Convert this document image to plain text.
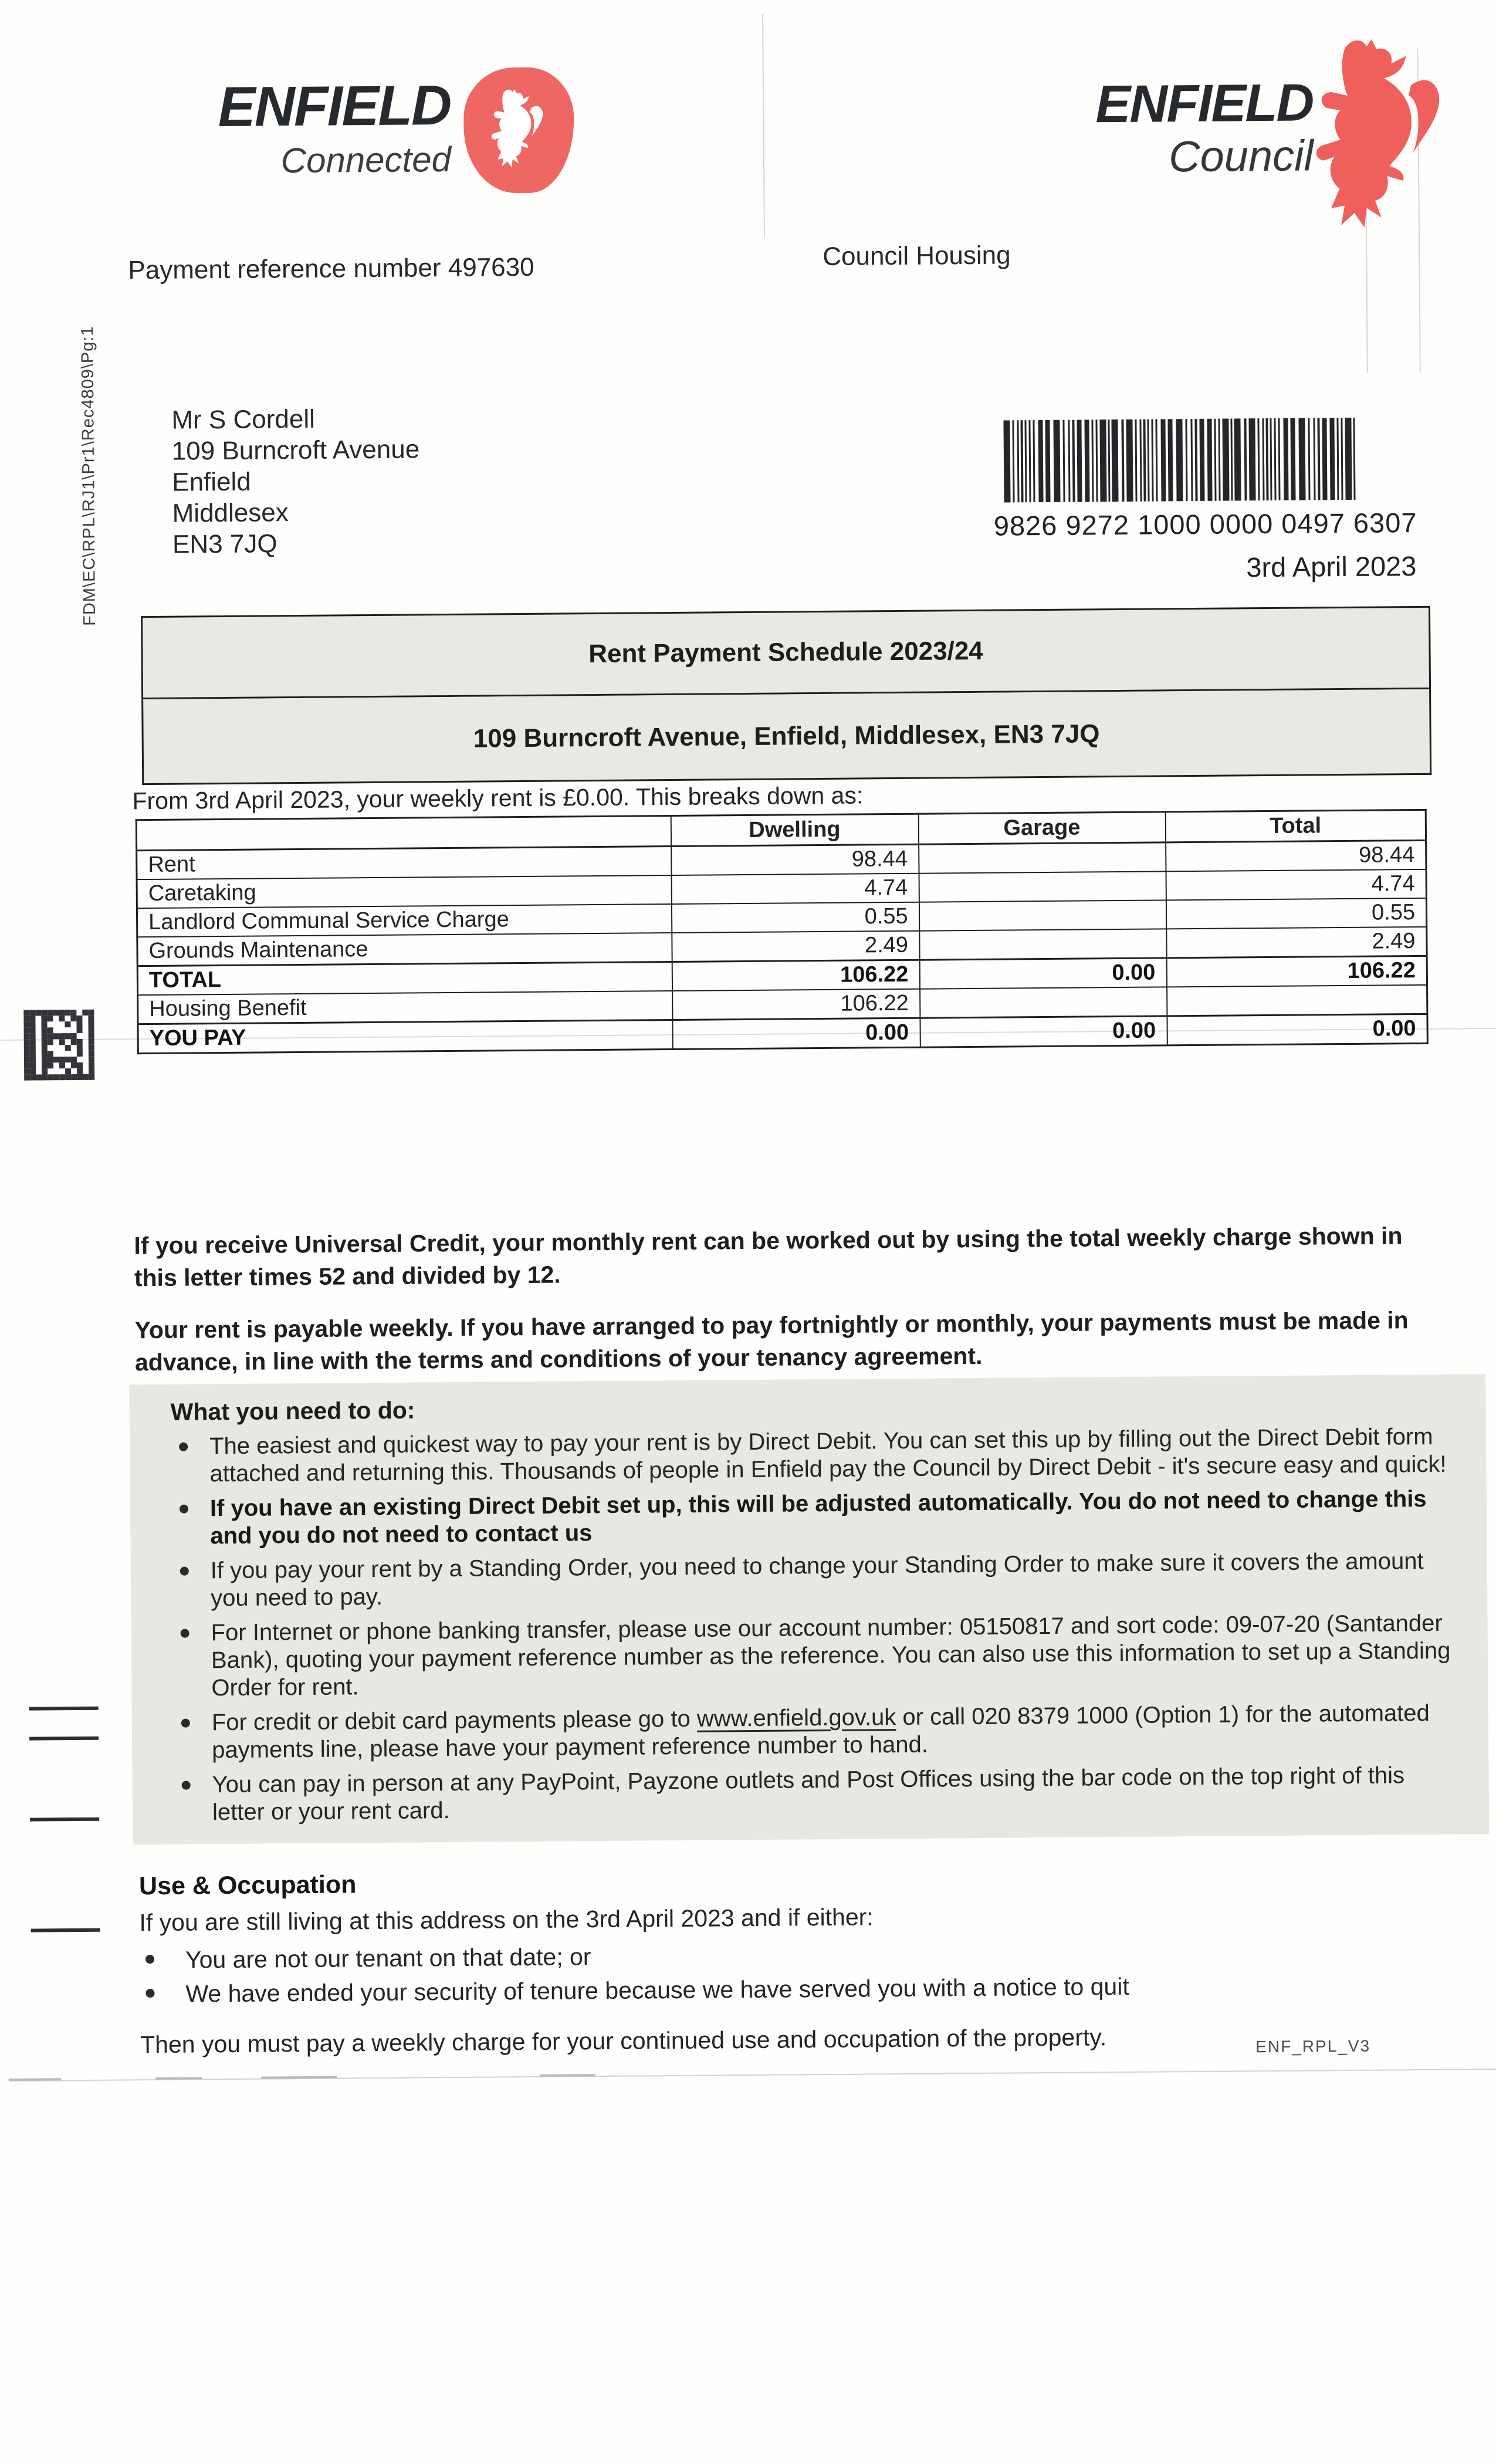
ENFIELD
Connected
ENFIELD
Council
Payment reference number 497630	Council Housing
FDM\EC\RPL\RJ1\Pr1\Rec4809\Pg:1	Mr S Cordell
109 Burncroft Avenue
Enfield
Middlesex
EN3 7JQ
9826 9272 1000 0000 0497 6307
3rd April 2023
Rent Payment Schedule 2023/24
109 Burncroft Avenue, Enfield, Middlesex, EN3 7JQ
From 3rd April 2023, your weekly rent is £0.00. This breaks down as:
	Dwelling	Garage	Total
Rent	98.44		98.44
Caretaking	4.74		4.74
Landlord Communal Service Charge	0.55		0.55
Grounds Maintenance	2.49		2.49
TOTAL	106.22	0.00	106.22
Housing Benefit	106.22		
YOU PAY	0.00	0.00	0.00

If you receive Universal Credit, your monthly rent can be worked out by using the total weekly charge shown in this letter times 52 and divided by 12.

Your rent is payable weekly. If you have arranged to pay fortnightly or monthly, your payments must be made in advance, in line with the terms and conditions of your tenancy agreement.

What you need to do:
The easiest and quickest way to pay your rent is by Direct Debit. You can set this up by filling out the Direct Debit form attached and returning this. Thousands of people in Enfield pay the Council by Direct Debit - it's secure easy and quick!
If you have an existing Direct Debit set up, this will be adjusted automatically. You do not need to change this and you do not need to contact us
If you pay your rent by a Standing Order, you need to change your Standing Order to make sure it covers the amount you need to pay.
For Internet or phone banking transfer, please use our account number: 05150817 and sort code: 09-07-20 (Santander Bank), quoting your payment reference number as the reference. You can also use this information to set up a Standing Order for rent.
For credit or debit card payments please go to www.enfield.gov.uk or call 020 8379 1000 (Option 1) for the automated payments line, please have your payment reference number to hand.
You can pay in person at any PayPoint, Payzone outlets and Post Offices using the bar code on the top right of this letter or your rent card.
Use & Occupation

If you are still living at this address on the 3rd April 2023 and if either:

You are not our tenant on that date; or
We have ended your security of tenure because we have served you with a notice to quit

Then you must pay a weekly charge for your continued use and occupation of the property.	ENF_RPL_V3
